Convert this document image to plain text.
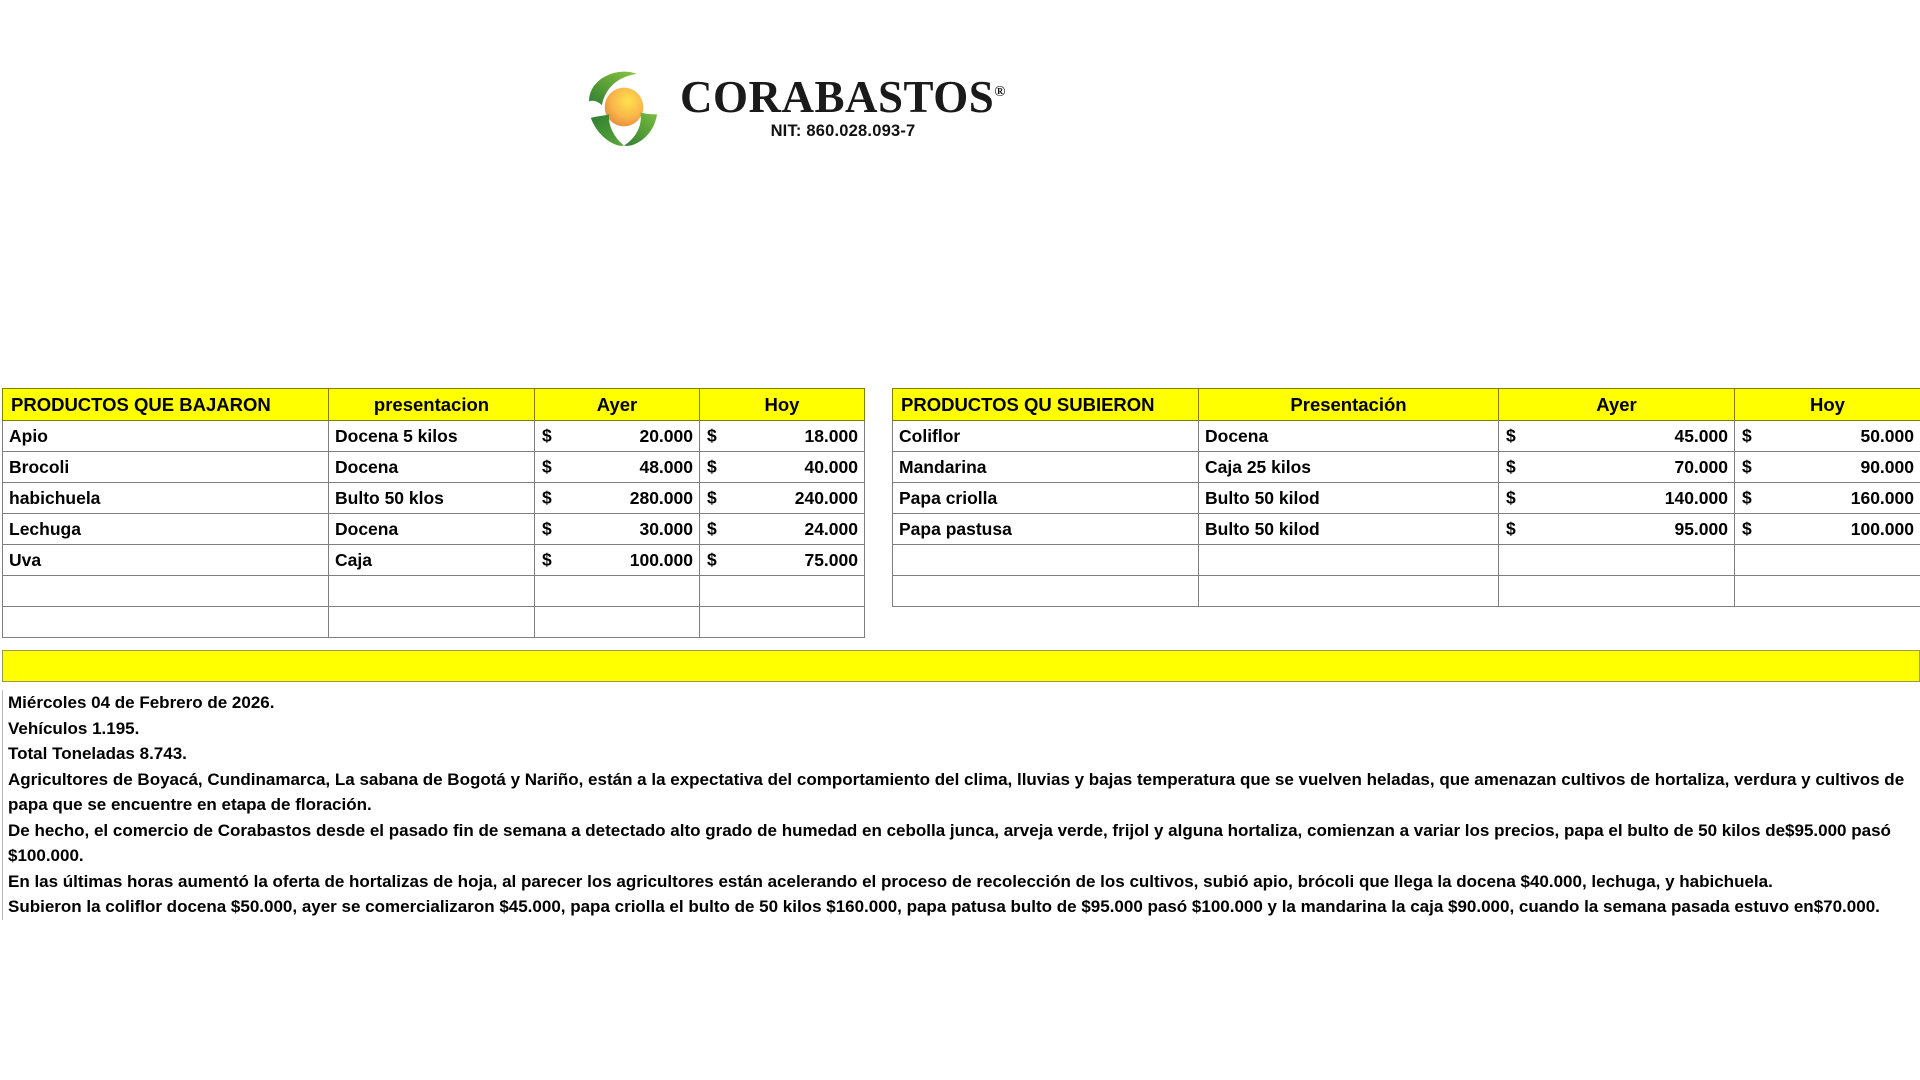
CORABASTOS®
NIT: 860.028.093-7
PRODUCTOS QUE BAJARON	presentacion	Ayer	Hoy
Apio	Docena 5 kilos	$ 20.000	$ 18.000
Brocoli	Docena	$ 48.000	$ 40.000
habichuela	Bulto 50 klos	$ 280.000	$ 240.000
Lechuga	Docena	$ 30.000	$ 24.000
Uva	Caja	$ 100.000	$ 75.000

PRODUCTOS QU SUBIERON	Presentación	Ayer	Hoy
Coliflor	Docena	$ 45.000	$ 50.000
Mandarina	Caja 25 kilos	$ 70.000	$ 90.000
Papa criolla	Bulto 50 kilod	$ 140.000	$ 160.000
Papa pastusa	Bulto 50 kilod	$ 95.000	$ 100.000

Miércoles 04 de Febrero de 2026.

Vehículos 1.195.

Total Toneladas 8.743.

Agricultores de Boyacá, Cundinamarca, La sabana de Bogotá y Nariño, están a la expectativa del comportamiento del clima, lluvias y bajas temperatura que se vuelven heladas, que amenazan cultivos de hortaliza, verdura y cultivos de papa que se encuentre en etapa de floración.

De hecho, el comercio de Corabastos desde el pasado fin de semana a detectado alto grado de humedad en cebolla junca, arveja verde, frijol y alguna hortaliza, comienzan a variar los precios, papa el bulto de 50 kilos de$95.000 pasó $100.000.

En las últimas horas aumentó la oferta de hortalizas de hoja, al parecer los agricultores están acelerando el proceso de recolección de los cultivos, subió apio, brócoli que llega la docena $40.000, lechuga, y habichuela.

Subieron la coliflor docena $50.000, ayer se comercializaron $45.000, papa criolla el bulto de 50 kilos $160.000, papa patusa bulto de $95.000 pasó $100.000 y la mandarina la caja $90.000, cuando la semana pasada estuvo en$70.000.
